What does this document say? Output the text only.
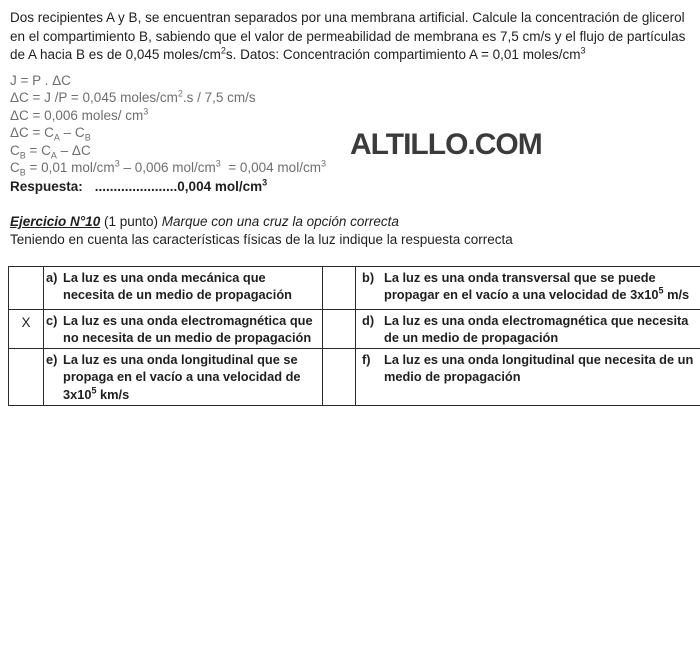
Dos recipientes A y B, se encuentran separados por una membrana artificial. Calcule la concentración de glicerol en el compartimiento B, sabiendo que el valor de permeabilidad de membrana es 7,5 cm/s y el flujo de partículas de A hacia B es de 0,045 moles/$cm^2s$. Datos: Concentración compartimiento A = 0,01 moles/$cm^3$

J = P . ΔC
ΔC = J /P = 0,045 moles/$cm^2.s / 7,5$ cm/s
ΔC = 0,006 moles/ $cm^3$
$\Delta C = C_A - C_B$
$C_B = C_A - \Delta C$
$C_B = 0,01$ mol/$cm^3 - 0,006$ mol/$cm^3 = 0,004$ mol/$cm^3$
Respuesta: ......................0,004 mol/$cm^3$
Ejercicio N°10 (1 punto) Marque con una cruz la opción correcta
Teniendo en cuenta las características físicas de la luz indique la respuesta correcta

	a) La luz es una onda mecánica que necesita de un medio de propagación		b) La luz es una onda transversal que se puede propagar en el vacío a una velocidad de $3x10^5$ m/s

X	c) La luz es una onda electromagnética que no necesita de un medio de propagación		d) La luz es una onda electromagnética que necesita de un medio de propagación

	e) La luz es una onda longitudinal que se propaga en el vacío a una velocidad de $3x10^5$ km/s		f) La luz es una onda longitudinal que necesita de un medio de propagación
ALTILLO.COM
